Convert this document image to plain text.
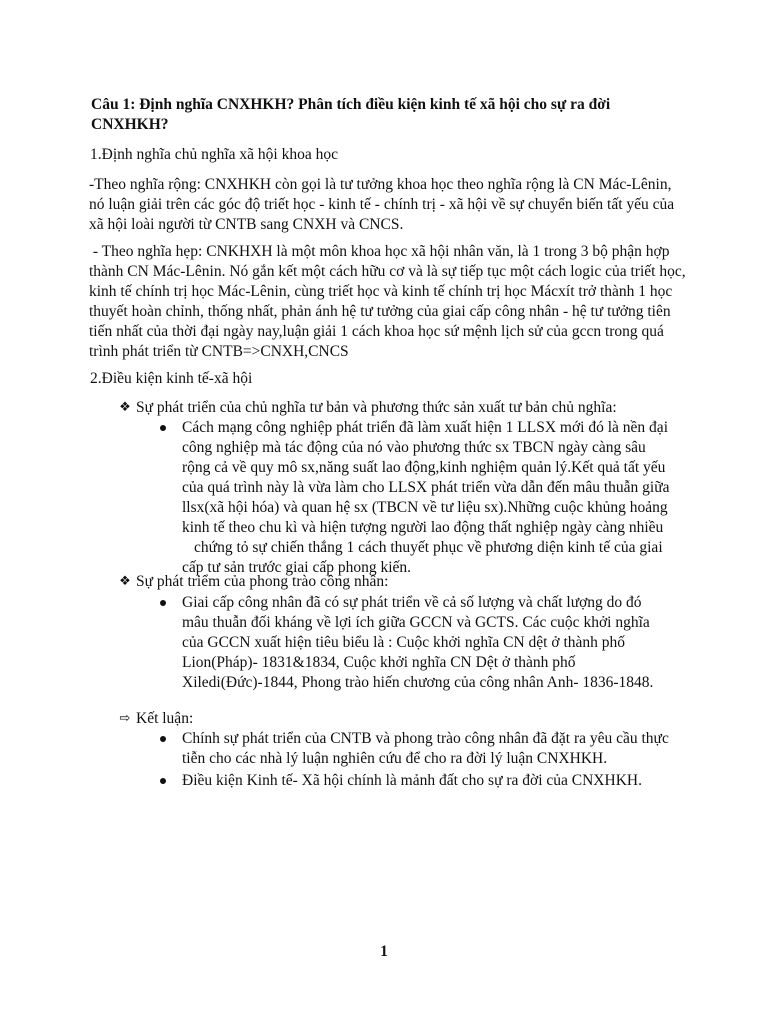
Câu 1: Định nghĩa CNXHKH? Phân tích điều kiện kinh tế xã hội cho sự ra đời CNXHKH?

1.Định nghĩa chủ nghĩa xã hội khoa học

-Theo nghĩa rộng: CNXHKH còn gọi là tư tưởng khoa học theo nghĩa rộng là CN Mác-Lênin, nó luận giải trên các góc độ triết học - kinh tế - chính trị - xã hội về sự chuyển biến tất yếu của xã hội loài người từ CNTB sang CNXH và CNCS.

- Theo nghĩa hẹp: CNKHXH là một môn khoa học xã hội nhân văn, là 1 trong 3 bộ phận hợp thành CN Mác-Lênin. Nó gắn kết một cách hữu cơ và là sự tiếp tục một cách logic của triết học, kinh tế chính trị học Mác-Lênin, cùng triết học và kinh tế chính trị học Mácxít trở thành 1 học thuyết hoàn chỉnh, thống nhất, phản ánh hệ tư tưởng của giai cấp công nhân - hệ tư tưởng tiên tiến nhất của thời đại ngày nay,luận giải 1 cách khoa học sứ mệnh lịch sử của gccn trong quá trình phát triển từ CNTB=>CNXH,CNCS

2.Điều kiện kinh tế-xã hội

❖ Sự phát triển của chủ nghĩa tư bản và phương thức sản xuất tư bản chủ nghĩa:
Cách mạng công nghiệp phát triển đã làm xuất hiện 1 LLSX mới đó là nền đại công nghiệp mà tác động của nó vào phương thức sx TBCN ngày càng sâu rộng cả về quy mô sx,năng suất lao động,kinh nghiệm quản lý.Kết quả tất yếu của quá trình này là vừa làm cho LLSX phát triển vừa dẫn đến mâu thuẫn giữa llsx(xã hội hóa) và quan hệ sx (TBCN về tư liệu sx).Những cuộc khủng hoảng kinh tế theo chu kì và hiện tượng người lao động thất nghiệp ngày càng nhiều chứng tỏ sự chiến thắng 1 cách thuyết phục về phương diện kinh tế của giai cấp tư sản trước giai cấp phong kiến.
❖ Sự phát triểm của phong trào công nhân:
Giai cấp công nhân đã có sự phát triển về cả số lượng và chất lượng do đó mâu thuẫn đối kháng về lợi ích giữa GCCN và GCTS. Các cuộc khởi nghĩa của GCCN xuất hiện tiêu biểu là : Cuộc khởi nghĩa CN dệt ở thành phố Lion(Pháp)- 1831&1834, Cuộc khởi nghĩa CN Dệt ở thành phố Xiledi(Đức)-1844, Phong trào hiến chương của công nhân Anh- 1836-1848.
⇨ Kết luận:
Chính sự phát triển của CNTB và phong trào công nhân đã đặt ra yêu cầu thực tiễn cho các nhà lý luận nghiên cứu để cho ra đời lý luận CNXHKH.
Điều kiện Kinh tế- Xã hội chính là mảnh đất cho sự ra đời của CNXHKH.
1
